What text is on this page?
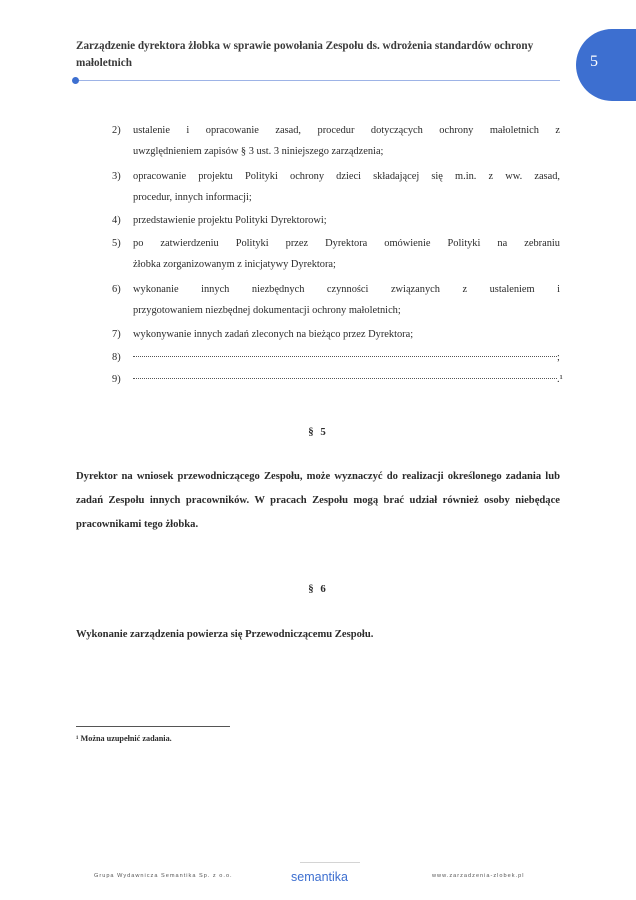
5
Zarządzenie dyrektora żłobka w sprawie powołania Zespołu ds. wdrożenia standardów ochrony małoletnich
2) ustalenie i opracowanie zasad, procedur dotyczących ochrony małoletnich z
uwzględnieniem zapisów § 3 ust. 3 niniejszego zarządzenia;
3) opracowanie projektu Polityki ochrony dzieci składającej się m.in. z ww. zasad,
procedur, innych informacji;
4) przedstawienie projektu Polityki Dyrektorowi;
5) po zatwierdzeniu Polityki przez Dyrektora omówienie Polityki na zebraniu
żłobka zorganizowanym z inicjatywy Dyrektora;
6) wykonanie innych niezbędnych czynności związanych z ustaleniem i
przygotowaniem niezbędnej dokumentacji ochrony małoletnich;
7) wykonywanie innych zadań zleconych na bieżąco przez Dyrektora;
8)	;
9)	.¹
§ 5
Dyrektor na wniosek przewodniczącego Zespołu, może wyznaczyć do realizacji określonego zadania lub zadań Zespołu innych pracowników. W pracach Zespołu mogą brać udział również osoby niebędące pracownikami tego żłobka.
§ 6
Wykonanie zarządzenia powierza się Przewodniczącemu Zespołu.
¹ Można uzupełnić zadania.
Grupa Wydawnicza Semantika Sp. z o.o.	semantika	www.zarzadzenia-zlobek.pl
